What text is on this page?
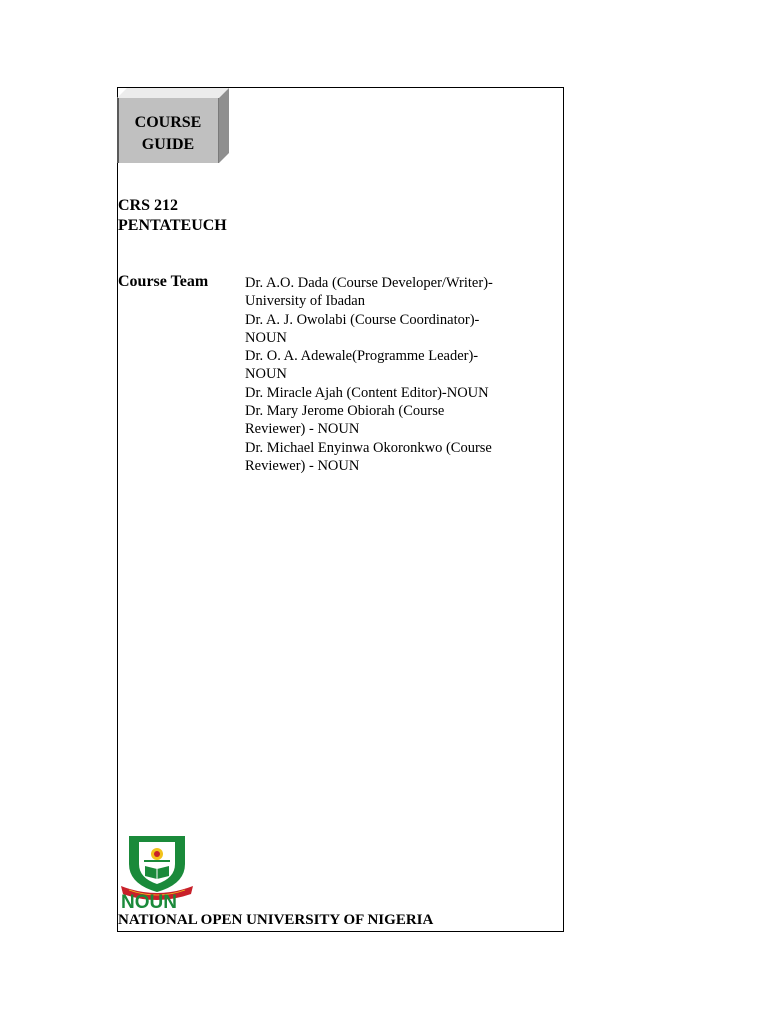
COURSE
GUIDE
CRS 212
PENTATEUCH
Course Team	Dr. A.O. Dada (Course Developer/Writer)-
University of Ibadan
Dr. A. J. Owolabi (Course Coordinator)-
NOUN
Dr. O. A. Adewale(Programme Leader)-
NOUN
Dr. Miracle Ajah (Content Editor)-NOUN
Dr. Mary Jerome Obiorah (Course
Reviewer) - NOUN
Dr. Michael Enyinwa Okoronkwo (Course
Reviewer) - NOUN
NOUN
NATIONAL OPEN UNIVERSITY OF NIGERIA
